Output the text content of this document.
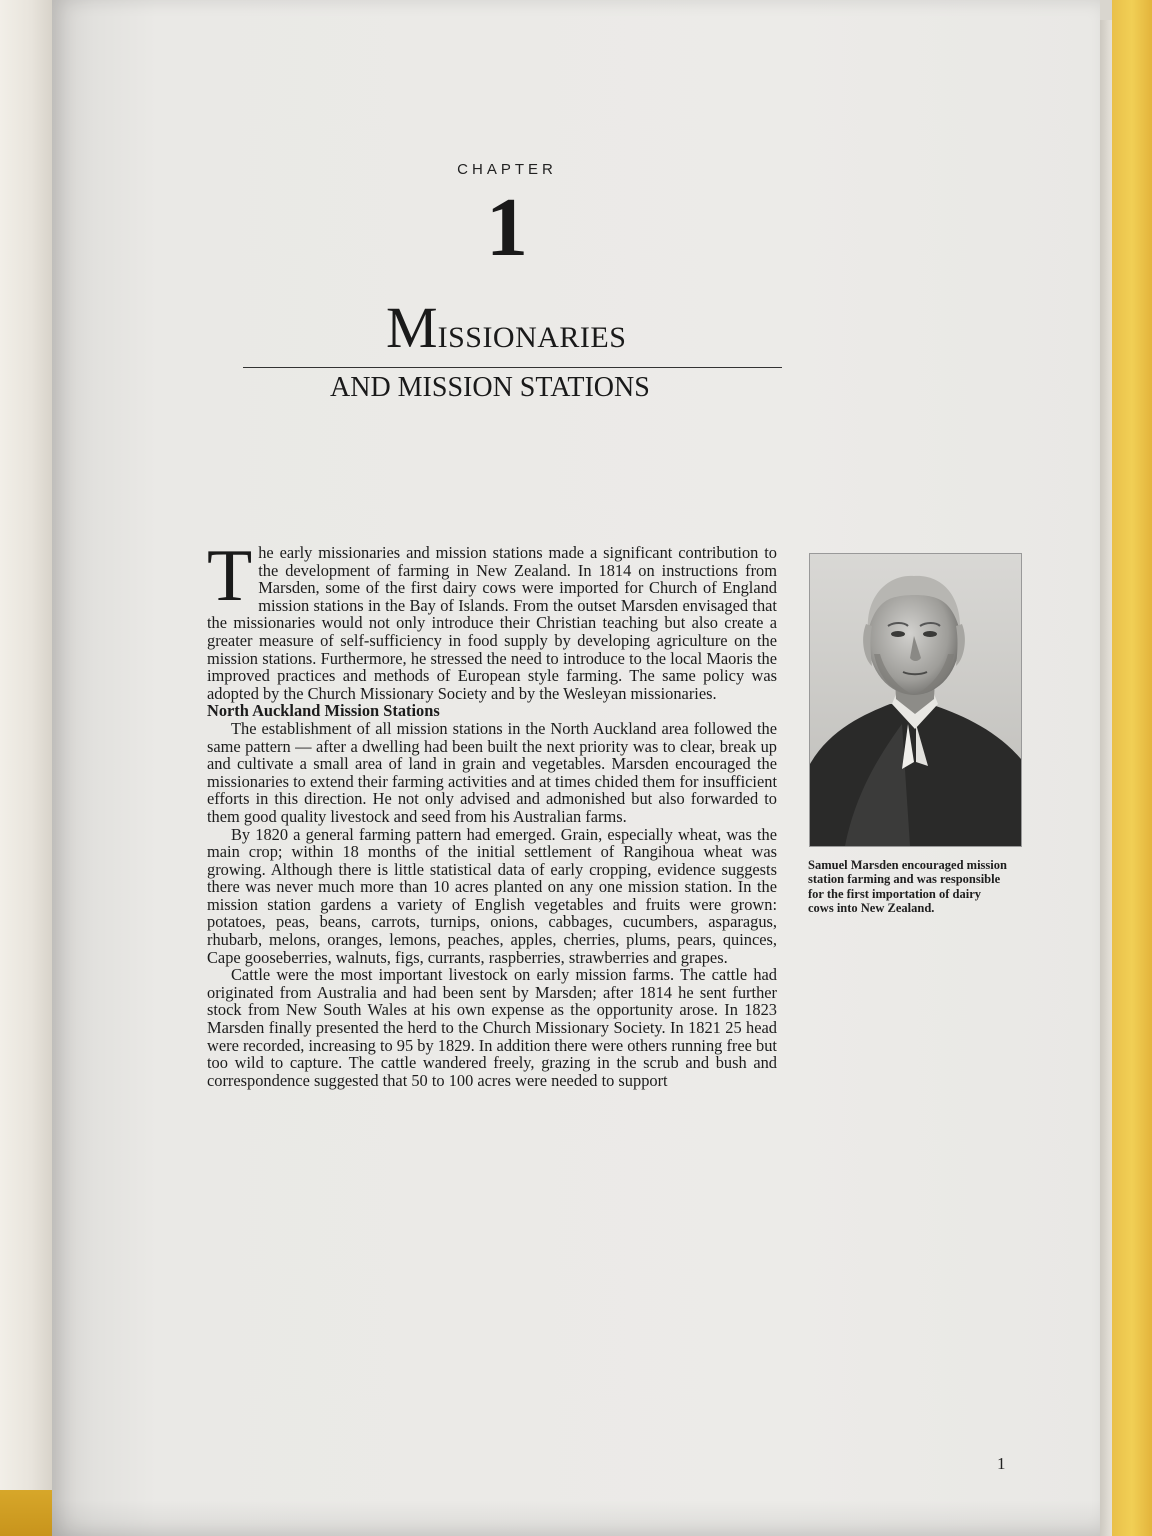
CHAPTER
1
MISSIONARIES
AND MISSION STATIONS

The early missionaries and mission stations made a significant contribution to the development of farming in New Zealand. In 1814 on instructions from Marsden, some of the first dairy cows were imported for Church of England mission stations in the Bay of Islands. From the outset Marsden envisaged that the missionaries would not only introduce their Christian teaching but also create a greater measure of self-sufficiency in food supply by developing agriculture on the mission stations. Furthermore, he stressed the need to introduce to the local Maoris the improved practices and methods of European style farming. The same policy was adopted by the Church Missionary Society and by the Wesleyan missionaries.

North Auckland Mission Stations

The establishment of all mission stations in the North Auckland area followed the same pattern — after a dwelling had been built the next priority was to clear, break up and cultivate a small area of land in grain and vegetables. Marsden encouraged the missionaries to extend their farming activities and at times chided them for insufficient efforts in this direction. He not only advised and admonished but also forwarded to them good quality livestock and seed from his Australian farms.

By 1820 a general farming pattern had emerged. Grain, especially wheat, was the main crop; within 18 months of the initial settlement of Rangihoua wheat was growing. Although there is little statistical data of early cropping, evidence suggests there was never much more than 10 acres planted on any one mission station. In the mission station gardens a variety of English vegetables and fruits were grown: potatoes, peas, beans, carrots, turnips, onions, cabbages, cucumbers, asparagus, rhubarb, melons, oranges, lemons, peaches, apples, cherries, plums, pears, quinces, Cape gooseberries, walnuts, figs, currants, raspberries, strawberries and grapes.

Cattle were the most important livestock on early mission farms. The cattle had originated from Australia and had been sent by Marsden; after 1814 he sent further stock from New South Wales at his own expense as the opportunity arose. In 1823 Marsden finally presented the herd to the Church Missionary Society. In 1821 25 head were recorded, increasing to 95 by 1829. In addition there were others running free but too wild to capture. The cattle wandered freely, grazing in the scrub and bush and correspondence suggested that 50 to 100 acres were needed to support

Samuel Marsden encouraged mission station farming and was responsible for the first importation of dairy cows into New Zealand.
1
